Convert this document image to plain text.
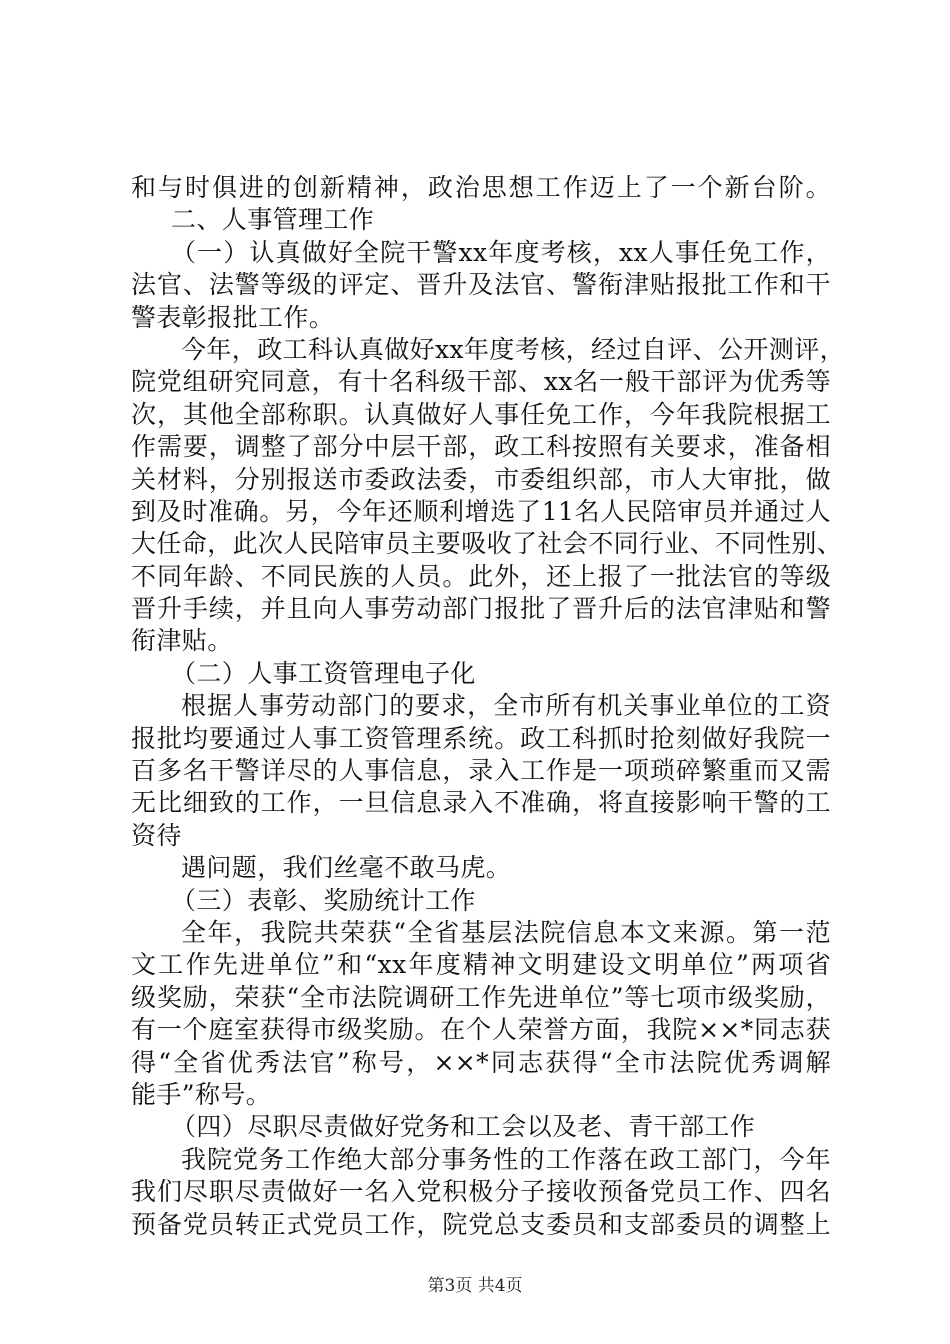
和与时俱进的创新精神，政治思想工作迈上了一个新台阶。
二、人事管理工作
（一）认真做好全院干警xx年度考核，xx人事任免工作，
法官、法警等级的评定、晋升及法官、警衔津贴报批工作和干
警表彰报批工作。
今年，政工科认真做好xx年度考核，经过自评、公开测评，
院党组研究同意，有十名科级干部、xx名一般干部评为优秀等
次，其他全部称职。认真做好人事任免工作，今年我院根据工
作需要，调整了部分中层干部，政工科按照有关要求，准备相
关材料，分别报送市委政法委，市委组织部，市人大审批，做
到及时准确。另，今年还顺利增选了11名人民陪审员并通过人
大任命，此次人民陪审员主要吸收了社会不同行业、不同性别、
不同年龄、不同民族的人员。此外，还上报了一批法官的等级
晋升手续，并且向人事劳动部门报批了晋升后的法官津贴和警
衔津贴。
（二）人事工资管理电子化
根据人事劳动部门的要求，全市所有机关事业单位的工资
报批均要通过人事工资管理系统。政工科抓时抢刻做好我院一
百多名干警详尽的人事信息，录入工作是一项琐碎繁重而又需
无比细致的工作，一旦信息录入不准确，将直接影响干警的工
资待
遇问题，我们丝毫不敢马虎。
（三）表彰、奖励统计工作
全年，我院共荣获“全省基层法院信息本文来源。第一范
文工作先进单位”和“xx年度精神文明建设文明单位”两项省
级奖励，荣获“全市法院调研工作先进单位”等七项市级奖励，
有一个庭室获得市级奖励。在个人荣誉方面，我院××*同志获
得“全省优秀法官”称号，××*同志获得“全市法院优秀调解
能手”称号。
（四）尽职尽责做好党务和工会以及老、青干部工作
我院党务工作绝大部分事务性的工作落在政工部门，今年
我们尽职尽责做好一名入党积极分子接收预备党员工作、四名
预备党员转正式党员工作，院党总支委员和支部委员的调整上
第3页 共4页
